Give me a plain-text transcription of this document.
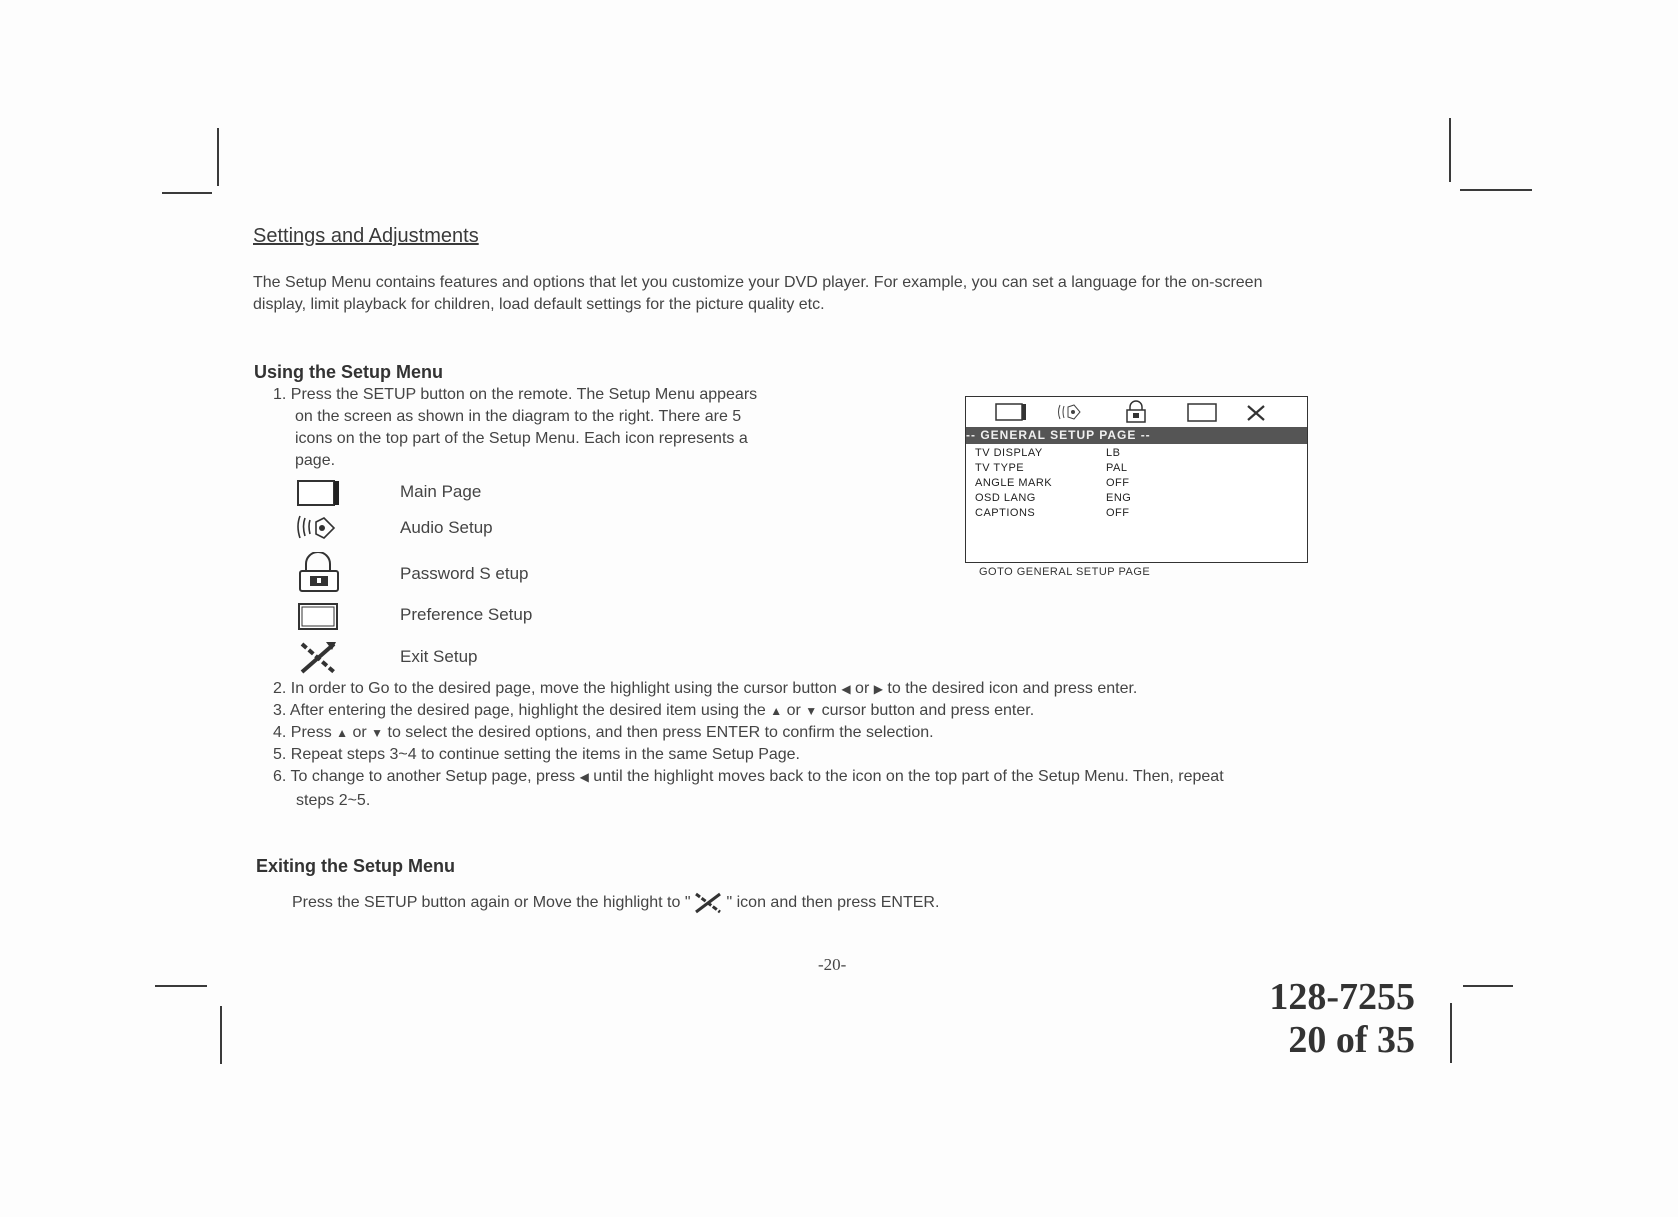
Settings and Adjustments
The Setup Menu contains features and options that let you customize your DVD player. For example, you can set a language for the on-screen
display, limit playback for children, load default settings for the picture quality etc.
Using the Setup Menu
1. Press the SETUP button on the remote. The Setup Menu appears
on the screen as shown in the diagram to the right. There are 5
icons on the top part of the Setup Menu. Each icon represents a
page.
Main Page
Audio Setup
Password S etup
Preference Setup
Exit Setup
-- GENERAL SETUP PAGE --
TV DISPLAY	LB
TV TYPE	PAL
ANGLE MARK	OFF
OSD LANG	ENG
CAPTIONS	OFF
GOTO GENERAL SETUP PAGE
2. In order to Go to the desired page, move the highlight using the cursor button ◀ or ▶ to the desired icon and press enter.
3. After entering the desired page, highlight the desired item using the ▲ or ▼ cursor button and press enter.
4. Press ▲ or ▼ to select the desired options, and then press ENTER to confirm the selection.
5. Repeat steps 3~4 to continue setting the items in the same Setup Page.
6. To change to another Setup page, press ◀ until the highlight moves back to the icon on the top part of the Setup Menu. Then, repeat
steps 2~5.
Exiting the Setup Menu
Press the SETUP button again or Move the highlight to " " icon and then press ENTER.
-20-
128-7255
20 of 35
